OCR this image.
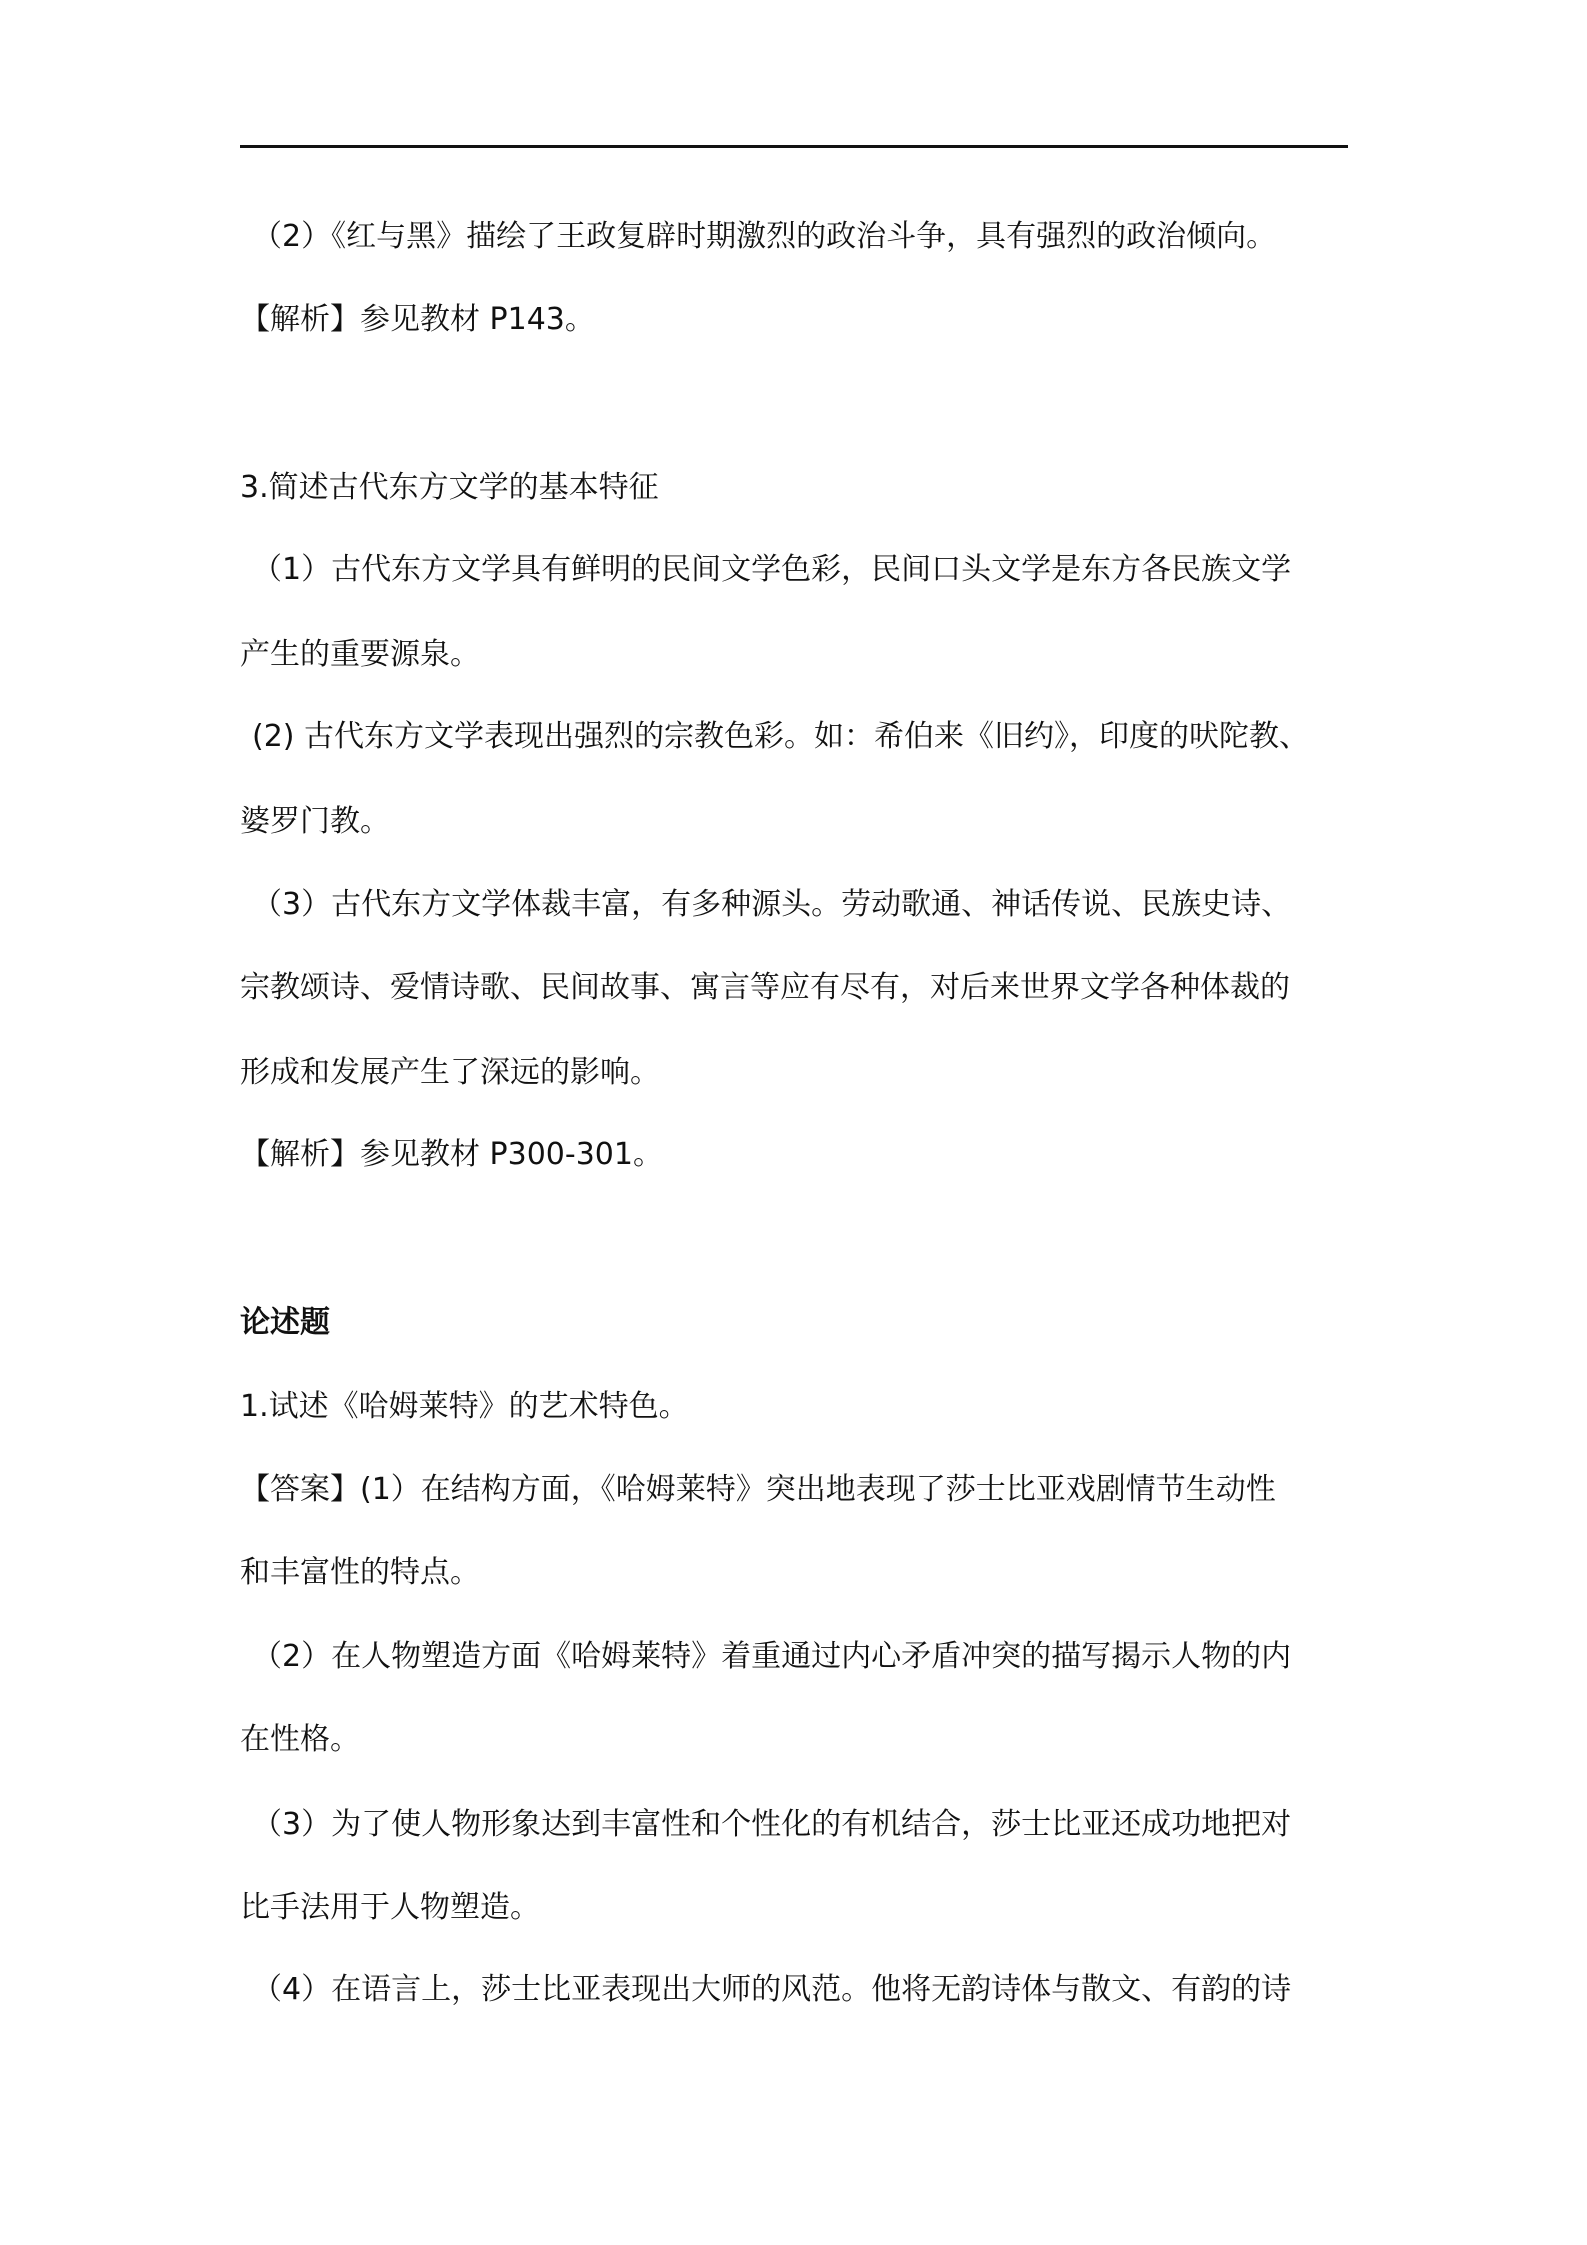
（2）《红与黑》描绘了王政复辟时期激烈的政治斗争，具有强烈的政治倾向。
【解析】参见教材 P143。
3.简述古代东方文学的基本特征
（1）古代东方文学具有鲜明的民间文学色彩，民间口头文学是东方各民族文学
产生的重要源泉。
(2) 古代东方文学表现出强烈的宗教色彩。如：希伯来《旧约》，印度的吠陀教、
婆罗门教。
（3）古代东方文学体裁丰富，有多种源头。劳动歌通、神话传说、民族史诗、
宗教颂诗、爱情诗歌、民间故事、寓言等应有尽有，对后来世界文学各种体裁的
形成和发展产生了深远的影响。
【解析】参见教材 P300-301。
论述题
1.试述《哈姆莱特》的艺术特色。
【答案】(1）在结构方面，《哈姆莱特》突出地表现了莎士比亚戏剧情节生动性
和丰富性的特点。
（2）在人物塑造方面《哈姆莱特》着重通过内心矛盾冲突的描写揭示人物的内
在性格。
（3）为了使人物形象达到丰富性和个性化的有机结合，莎士比亚还成功地把对
比手法用于人物塑造。
（4）在语言上，莎士比亚表现出大师的风范。他将无韵诗体与散文、有韵的诗
